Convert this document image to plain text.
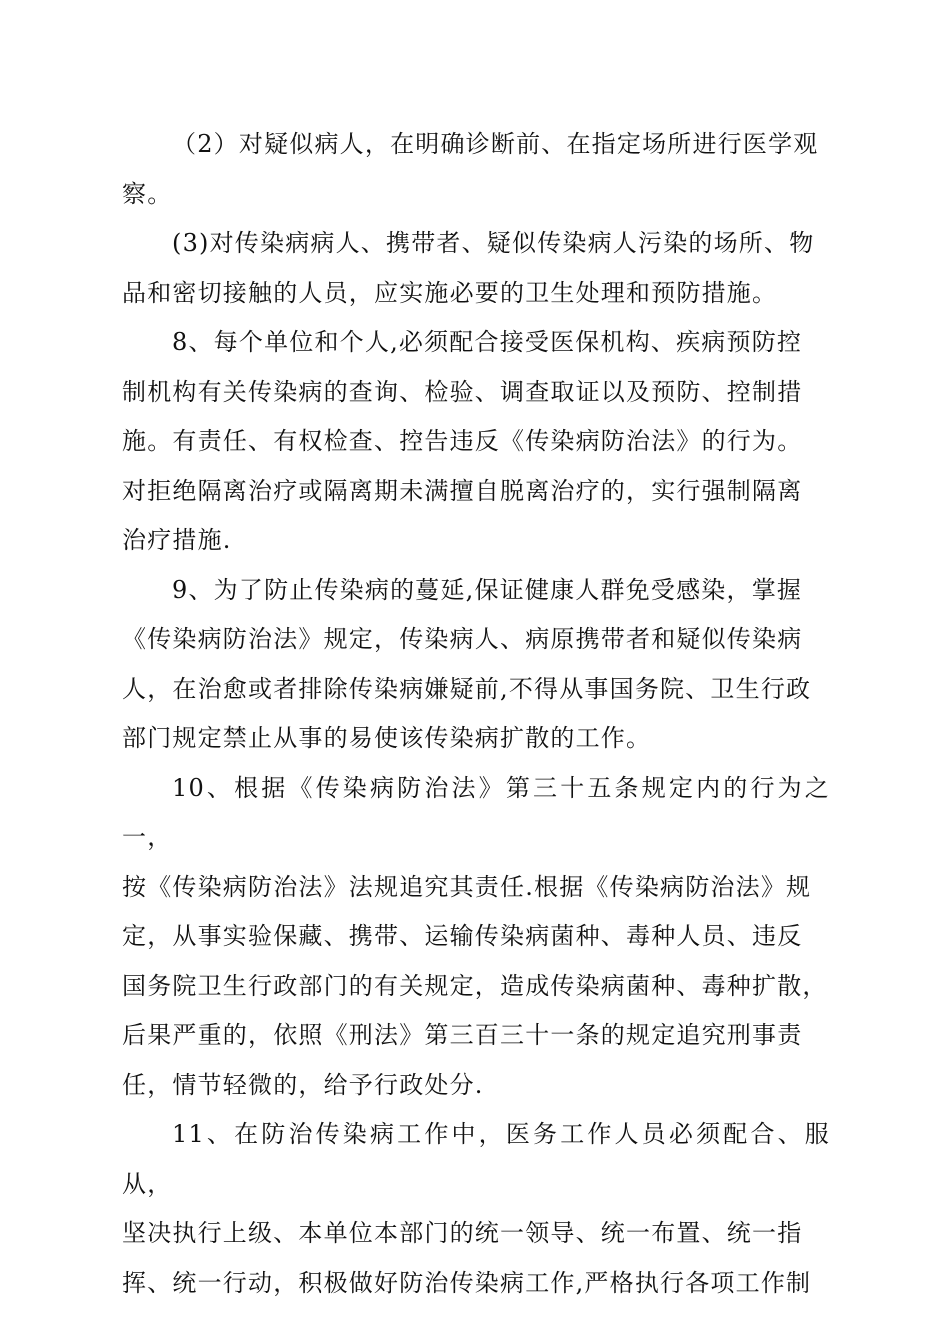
（2）对疑似病人，在明确诊断前、在指定场所进行医学观
察。

(3)对传染病病人、携带者、疑似传染病人污染的场所、物
品和密切接触的人员，应实施必要的卫生处理和预防措施。

8、每个单位和个人,必须配合接受医保机构、疾病预防控
制机构有关传染病的查询、检验、调查取证以及预防、控制措
施。有责任、有权检查、控告违反《传染病防治法》的行为。
对拒绝隔离治疗或隔离期未满擅自脱离治疗的，实行强制隔离
治疗措施.

9、为了防止传染病的蔓延,保证健康人群免受感染，掌握
《传染病防治法》规定，传染病人、病原携带者和疑似传染病
人，在治愈或者排除传染病嫌疑前,不得从事国务院、卫生行政
部门规定禁止从事的易使该传染病扩散的工作。

10、根据《传染病防治法》第三十五条规定内的行为之一，
按《传染病防治法》法规追究其责任.根据《传染病防治法》规
定，从事实验保藏、携带、运输传染病菌种、毒种人员、违反
国务院卫生行政部门的有关规定，造成传染病菌种、毒种扩散，
后果严重的，依照《刑法》第三百三十一条的规定追究刑事责
任，情节轻微的，给予行政处分.

11、在防治传染病工作中，医务工作人员必须配合、服从，
坚决执行上级、本单位本部门的统一领导、统一布置、统一指
挥、统一行动，积极做好防治传染病工作,严格执行各项工作制
